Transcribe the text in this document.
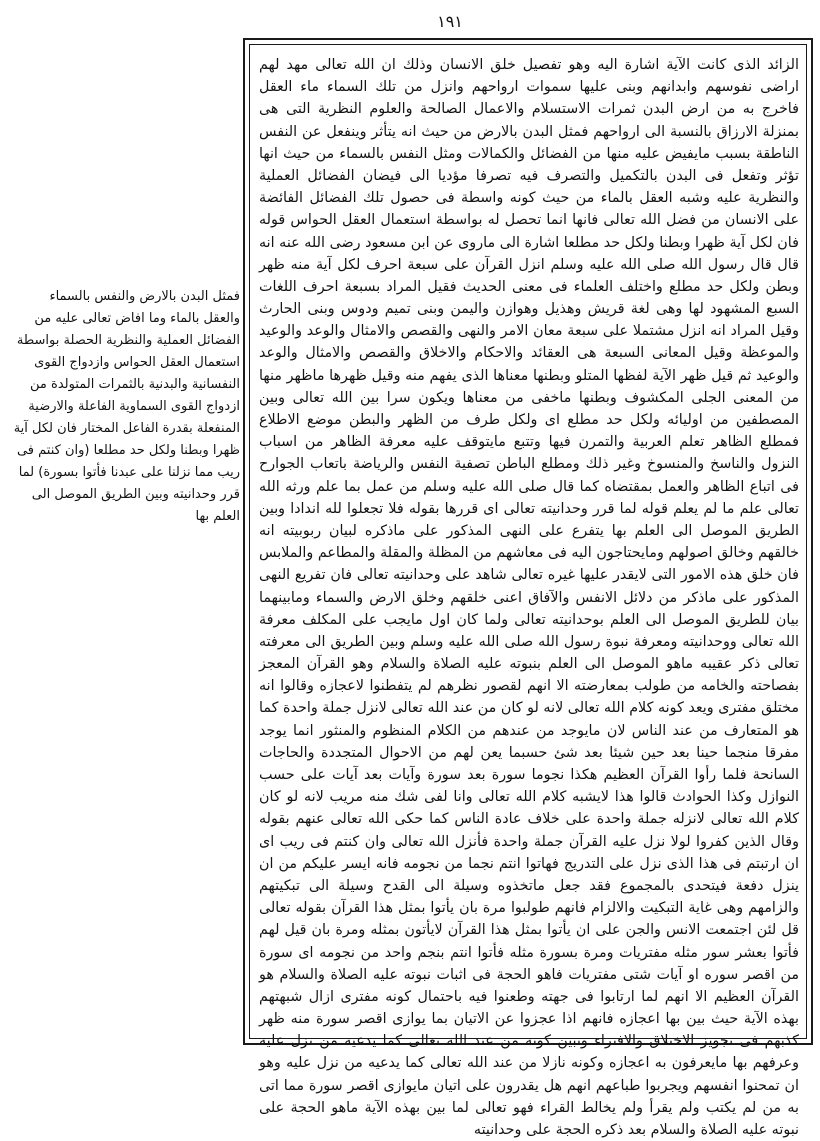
۱۹۱

الزائد الذى كانت الآية اشارة اليه وهو تفصيل خلق الانسان وذلك ان الله تعالى مهد لهم اراضى نفوسهم وابدانهم وبنى عليها سموات ارواحهم وانزل من تلك السماء ماء العقل فاخرج به من ارض البدن ثمرات الاستسلام والاعمال الصالحة والعلوم النظرية التى هى بمنزلة الارزاق بالنسبة الى ارواحهم فمثل البدن بالارض من حيث انه يتأثر وينفعل عن النفس الناطقة بسبب مايفيض عليه منها من الفضائل والكمالات ومثل النفس بالسماء من حيث انها تؤثر وتفعل فى البدن بالتكميل والتصرف فيه تصرفا مؤديا الى فيضان الفضائل العملية والنظرية عليه وشبه العقل بالماء من حيث كونه واسطة فى حصول تلك الفضائل الفائضة على الانسان من فضل الله تعالى فانها انما تحصل له بواسطة استعمال العقل الحواس قوله فان لكل آية ظهرا وبطنا ولكل حد مطلعا اشارة الى ماروى عن ابن مسعود رضى الله عنه انه قال قال رسول الله صلى الله عليه وسلم انزل القرآن على سبعة احرف لكل آية منه ظهر وبطن ولكل حد مطلع واختلف العلماء فى معنى الحديث فقيل المراد بسبعة احرف اللغات السبع المشهود لها وهى لغة قريش وهذيل وهوازن واليمن وبنى تميم ودوس وبنى الحارث وقيل المراد انه انزل مشتملا على سبعة معان الامر والنهى والقصص والامثال والوعد والوعيد والموعظة وقيل المعانى السبعة هى العقائد والاحكام والاخلاق والقصص والامثال والوعد والوعيد ثم قيل ظهر الآية لفظها المتلو وبطنها معناها الذى يفهم منه وقيل ظهرها ماظهر منها من المعنى الجلى المكشوف وبطنها ماخفى من معناها ويكون سرا بين الله تعالى وبين المصطفين من اوليائه ولكل حد مطلع اى ولكل طرف من الظهر والبطن موضع الاطلاع فمطلع الظاهر تعلم العربية والتمرن فيها وتتبع مايتوقف عليه معرفة الظاهر من اسباب النزول والناسخ والمنسوخ وغير ذلك ومطلع الباطن تصفية النفس والرياضة باتعاب الجوارح فى اتباع الظاهر والعمل بمقتضاه كما قال صلى الله عليه وسلم من عمل بما علم ورثه الله تعالى علم ما لم يعلم قوله لما قرر وحدانيته تعالى اى قررها بقوله فلا تجعلوا لله اندادا وبين الطريق الموصل الى العلم بها يتفرع على النهى المذكور على ماذكره لبيان ربوبيته انه خالقهم وخالق اصولهم ومايحتاجون اليه فى معاشهم من المظلة والمقلة والمطاعم والملابس فان خلق هذه الامور التى لايقدر عليها غيره تعالى شاهد على وحدانيته تعالى فان تفريع النهى المذكور على ماذكر من دلائل الانفس والآفاق اعنى خلقهم وخلق الارض والسماء ومابينهما بيان للطريق الموصل الى العلم بوحدانيته تعالى ولما كان اول مايجب على المكلف معرفة الله تعالى ووحدانيته ومعرفة نبوة رسول الله صلى الله عليه وسلم وبين الطريق الى معرفته تعالى ذكر عقيبه ماهو الموصل الى العلم بنبوته عليه الصلاة والسلام وهو القرآن المعجز بفصاحته والخامه من طولب بمعارضته الا انهم لقصور نظرهم لم يتفطنوا لاعجازه وقالوا انه مختلق مفترى ويعد كونه كلام الله تعالى لانه لو كان من عند الله تعالى لانزل جملة واحدة كما هو المتعارف من عند الناس لان مايوجد من عندهم من الكلام المنظوم والمنثور انما يوجد مفرقا منجما حينا بعد حين شيئا بعد شئ حسبما يعن لهم من الاحوال المتجددة والحاجات السانحة فلما رأوا القرآن العظيم هكذا نجوما سورة بعد سورة وآيات بعد آيات على حسب النوازل وكذا الحوادث قالوا هذا لايشبه كلام الله تعالى وانا لفى شك منه مريب لانه لو كان كلام الله تعالى لانزله جملة واحدة على خلاف عادة الناس كما حكى الله تعالى عنهم بقوله وقال الذين كفروا لولا نزل عليه القرآن جملة واحدة فأنزل الله تعالى وان كنتم فى ريب اى ان ارتبتم فى هذا الذى نزل على التدريج فهاتوا انتم نجما من نجومه فانه ايسر عليكم من ان ينزل دفعة فيتحدى بالمجموع فقد جعل ماتخذوه وسيلة الى القدح وسيلة الى تبكيتهم والزامهم وهى غاية التبكيت والالزام فانهم طولبوا مرة بان يأتوا بمثل هذا القرآن بقوله تعالى قل لئن اجتمعت الانس والجن على ان يأتوا بمثل هذا القرآن لايأتون بمثله ومرة بان قيل لهم فأتوا بعشر سور مثله مفتريات ومرة بسورة مثله فأتوا انتم بنجم واحد من نجومه اى سورة من اقصر سوره او آيات شتى مفتريات فاهو الحجة فى اثبات نبوته عليه الصلاة والسلام هو القرآن العظيم الا انهم لما ارتابوا فى جهته وطعنوا فيه باحتمال كونه مفترى ازال شبهتهم بهذه الآية حيث بين بها اعجازه فانهم اذا عجزوا عن الاتيان بما يوازى اقصر سورة منه ظهر كذبهم فى تجويز الاختلاق والافتراء وتبين كونه من عند الله تعالى كما يدعيه من نزل عليه وعرفهم بها مايعرفون به اعجازه وكونه نازلا من عند الله تعالى كما يدعيه من نزل عليه وهو ان تمحنوا انفسهم ويجربوا طباعهم انهم هل يقدرون على اتيان مايوازى اقصر سورة مما اتى به من لم يكتب ولم يقرأ ولم يخالط القراء فهو تعالى لما بين بهذه الآية ماهو الحجة على نبوته عليه الصلاة والسلام بعد ذكره الحجة على وحدانيته

فمثل البدن بالارض والنفس بالسماء والعقل بالماء وما افاض تعالى عليه من الفضائل العملية والنظرية الحصلة بواسطة استعمال العقل الحواس وازدواج القوى النفسانية والبدنية بالثمرات المتولدة من ازدواج القوى السماوية الفاعلة والارضية المنفعلة بقدرة الفاعل المختار فان لكل آية ظهرا وبطنا ولكل حد مطلعا (وان كنتم فى ريب مما نزلنا على عبدنا فأتوا بسورة) لما قرر وحدانيته وبين الطريق الموصل الى العلم بها
